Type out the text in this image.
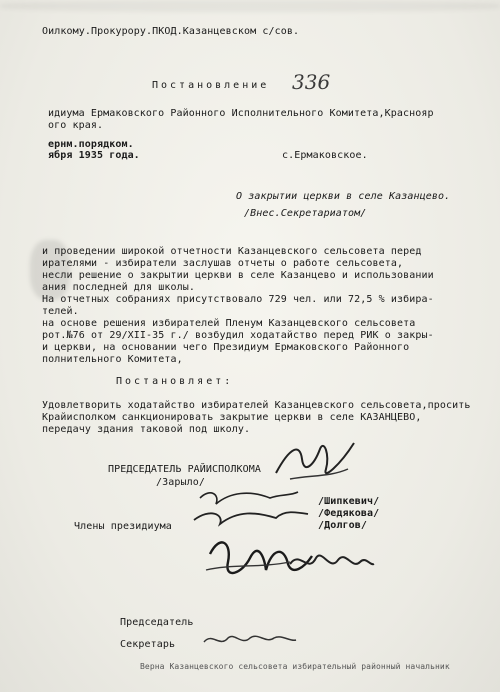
Оилкому.Прокурору.ПКОД.Казанцевском с/сов.
336
Постановление
идиума Ермаковского Районного Исполнительного Комитета,Краснояр
ого края.
ернм.порядком.
ября 1935 года.	с.Ермаковское.
О закрытии церкви в селе Казанцево.
/Внес.Секретариатом/
и проведении широкой отчетности Казанцевского сельсовета перед
ирателями - избиратели заслушав отчеты о работе сельсовета,
несли решение о закрытии церкви в селе Казанцево и использовании
ания последней для школы.
На отчетных собраниях присутствовало 729 чел. или 72,5 % избира-
телей.
на основе решения избирателей Пленум Казанцевского сельсовета
рот.№76 от 29/XII-35 г./ возбудил ходатайство перед РИК о закры-
и церкви, на основании чего Президиум Ермаковского Районного
полнительного Комитета,
Постановляет:
Удовлетворить ходатайство избирателей Казанцевского сельсовета,просить
Крайисполком санкционировать закрытие церкви в селе КАЗАНЦЕВО,
передачу здания таковой под школу.
ПРЕДСЕДАТЕЛЬ РАЙИСПОЛКОМА
/Зарыло/
Члены президиума
/Шипкевич/
/Федякова/
/Долгов/
Председатель
Секретарь
Верна Казанцевского сельсовета избирательный районный начальник
